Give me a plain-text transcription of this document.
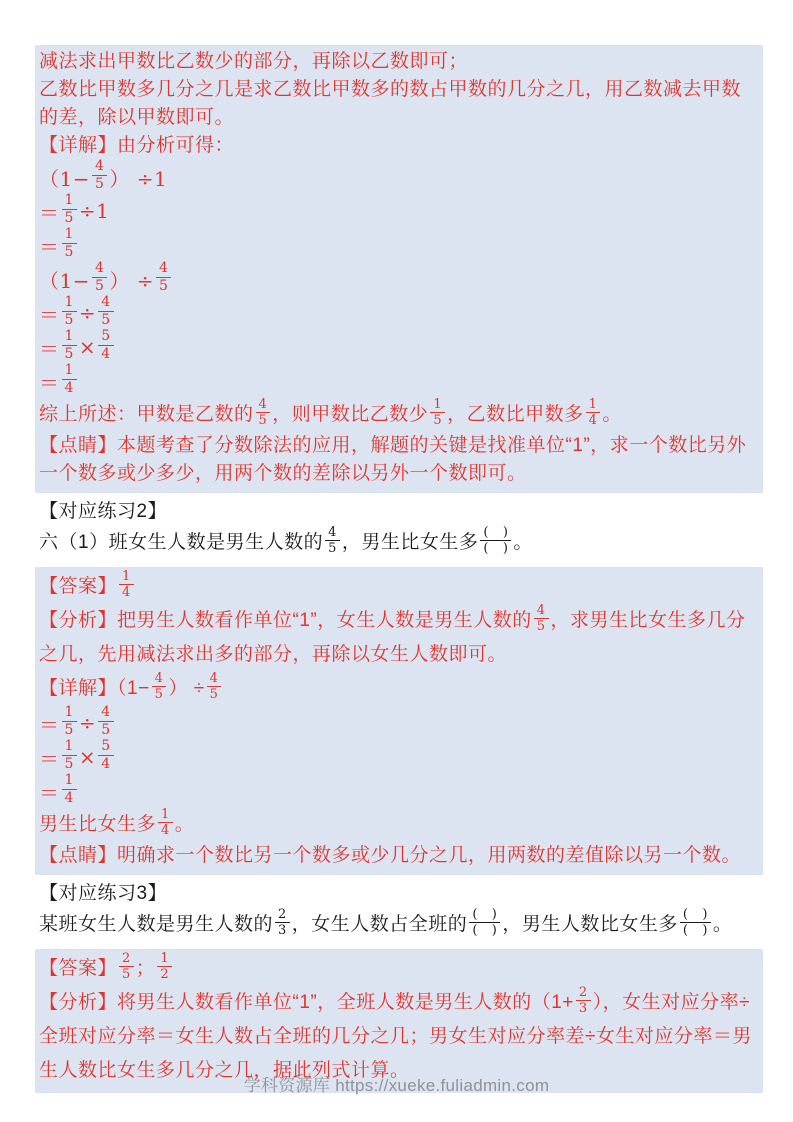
减法求出甲数比乙数少的部分，再除以乙数即可；
乙数比甲数多几分之几是求乙数比甲数多的数占甲数的几分之几，用乙数减去甲数的差，除以甲数即可。
【详解】由分析可得：
（$1- \frac{4}{5}$ ） ÷1
＝ $\frac{1}{5} \div 1$
＝ $\frac{1}{5}$
（$1- \frac{4}{5}$ ） ÷ $\frac{4}{5}$
＝ $\frac{1}{5} \div \frac{4}{5}$
＝ $\frac{1}{5} \times \frac{5}{4}$
＝ $\frac{1}{4}$
综上所述：甲数是乙数的 $\frac{4}{5}$ ，则甲数比乙数少 $\frac{1}{5}$ ，乙数比甲数多 $\frac{1}{4}$ 。
【点睛】本题考查了分数除法的应用，解题的关键是找准单位“1”，求一个数比另外一个数多或少多少，用两个数的差除以另外一个数即可。
【对应练习2】
六（1）班女生人数是男生人数的 $\frac{4}{5}$ ，男生比女生多 $\frac{( )}{( )}$ 。
【答案】 $\frac{1}{4}$
【分析】把男生人数看作单位“1”，女生人数是男生人数的 $\frac{4}{5}$ ，求男生比女生多几分之几，先用减法求出多的部分，再除以女生人数即可。
【详解】（$1- \frac{4}{5}$ ） ÷ $\frac{4}{5}$
＝ $\frac{1}{5} \div \frac{4}{5}$
＝ $\frac{1}{5} \times \frac{5}{4}$
＝ $\frac{1}{4}$
男生比女生多 $\frac{1}{4}$ 。
【点睛】明确求一个数比另一个数多或少几分之几，用两数的差值除以另一个数。
【对应练习3】
某班女生人数是男生人数的 $\frac{2}{3}$ ，女生人数占全班的 $\frac{( )}{( )}$ ，男生人数比女生多 $\frac{( )}{( )}$ 。
【答案】 $\frac{2}{5}$ ； $\frac{1}{2}$
【分析】将男生人数看作单位“1”，全班人数是男生人数的（$1+ \frac{2}{3}$ ），女生对应分率÷全班对应分率＝女生人数占全班的几分之几；男女生对应分率差÷女生对应分率＝男生人数比女生多几分之几，据此列式计算。
学科资源库 https://xueke.fuliadmin.com
